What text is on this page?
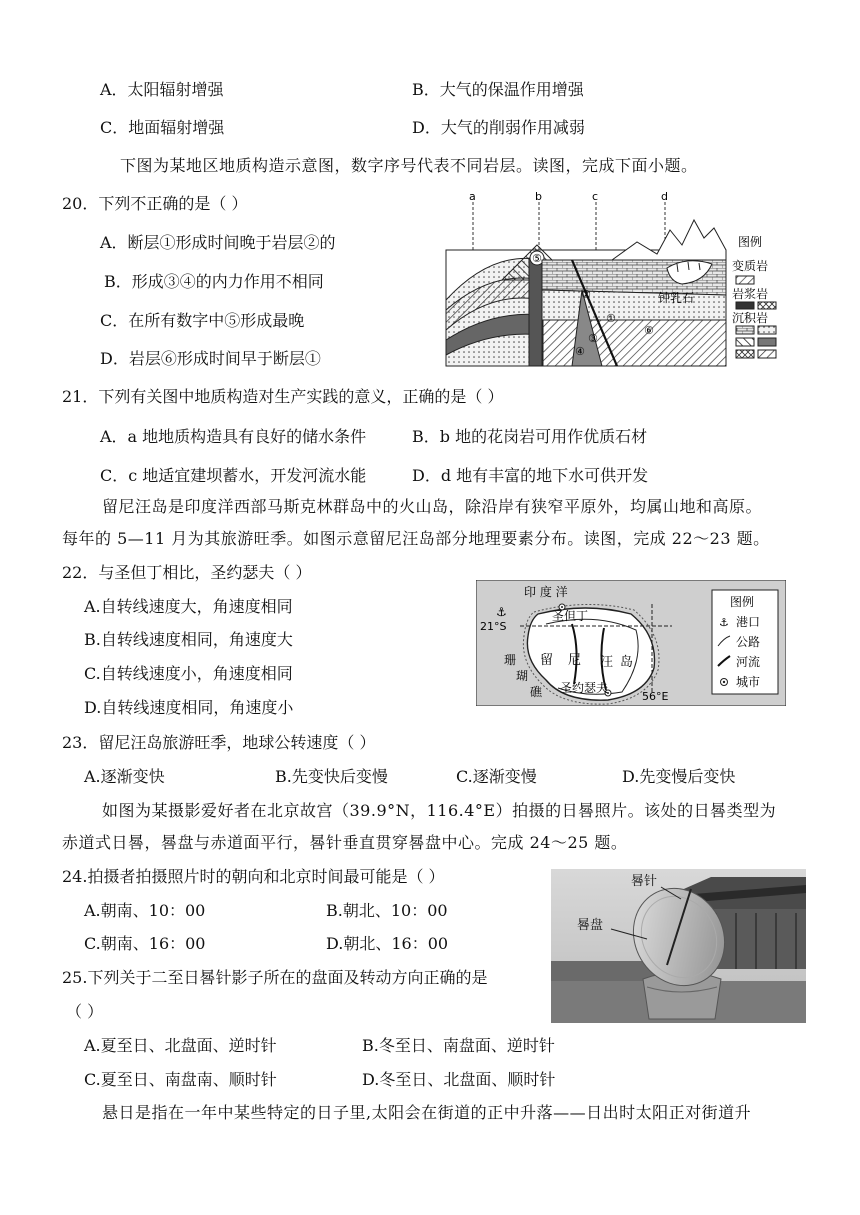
A．太阳辐射增强	B．大气的保温作用增强
C．地面辐射增强	D．大气的削弱作用减弱
下图为某地区地质构造示意图，数字序号代表不同岩层。读图，完成下面小题。
20．下列不正确的是（ ）
A．断层①形成时间晚于岩层②的
B．形成③④的内力作用不相同
C．在所有数字中⑤形成最晚
D．岩层⑥形成时间早于断层①
a	b	c	d
⑤
②
①
③
④
⑥
钟乳石
图例
变质岩
岩浆岩
沉积岩
21．下列有关图中地质构造对生产实践的意义，正确的是（ ）
A．a 地地质构造具有良好的储水条件	B．b 地的花岗岩可用作优质石材
C．c 地适宜建坝蓄水，开发河流水能	D．d 地有丰富的地下水可供开发
留尼汪岛是印度洋西部马斯克林群岛中的火山岛，除沿岸有狭窄平原外，均属山地和高原。
每年的 5—11 月为其旅游旺季。如图示意留尼汪岛部分地理要素分布。读图，完成 22～23 题。
22．与圣但丁相比，圣约瑟夫（ ）
A.自转线速度大，角速度相同
B.自转线速度相同，角速度大
C.自转线速度小，角速度相同
D.自转线速度相同，角速度小
印 度 洋
21°S
56°E
圣但丁
圣约瑟夫
⚓
留 尼 汪 岛
珊
瑚
礁
图例
⚓ 港口
公路
河流
城市
23．留尼汪岛旅游旺季，地球公转速度（ ）
A.逐渐变快	B.先变快后变慢	C.逐渐变慢	D.先变慢后变快
如图为某摄影爱好者在北京故宫（39.9°N，116.4°E）拍摄的日晷照片。该处的日晷类型为
赤道式日晷，晷盘与赤道面平行，晷针垂直贯穿晷盘中心。完成 24～25 题。
24.拍摄者拍摄照片时的朝向和北京时间最可能是（ ）
A.朝南、10：00	B.朝北、10：00
C.朝南、16：00	D.朝北、16：00
晷针
晷盘
25.下列关于二至日晷针影子所在的盘面及转动方向正确的是
（ ）
A.夏至日、北盘面、逆时针	B.冬至日、南盘面、逆时针
C.夏至日、南盘南、顺时针	D.冬至日、北盘面、顺时针
悬日是指在一年中某些特定的日子里,太阳会在街道的正中升落——日出时太阳正对街道升
